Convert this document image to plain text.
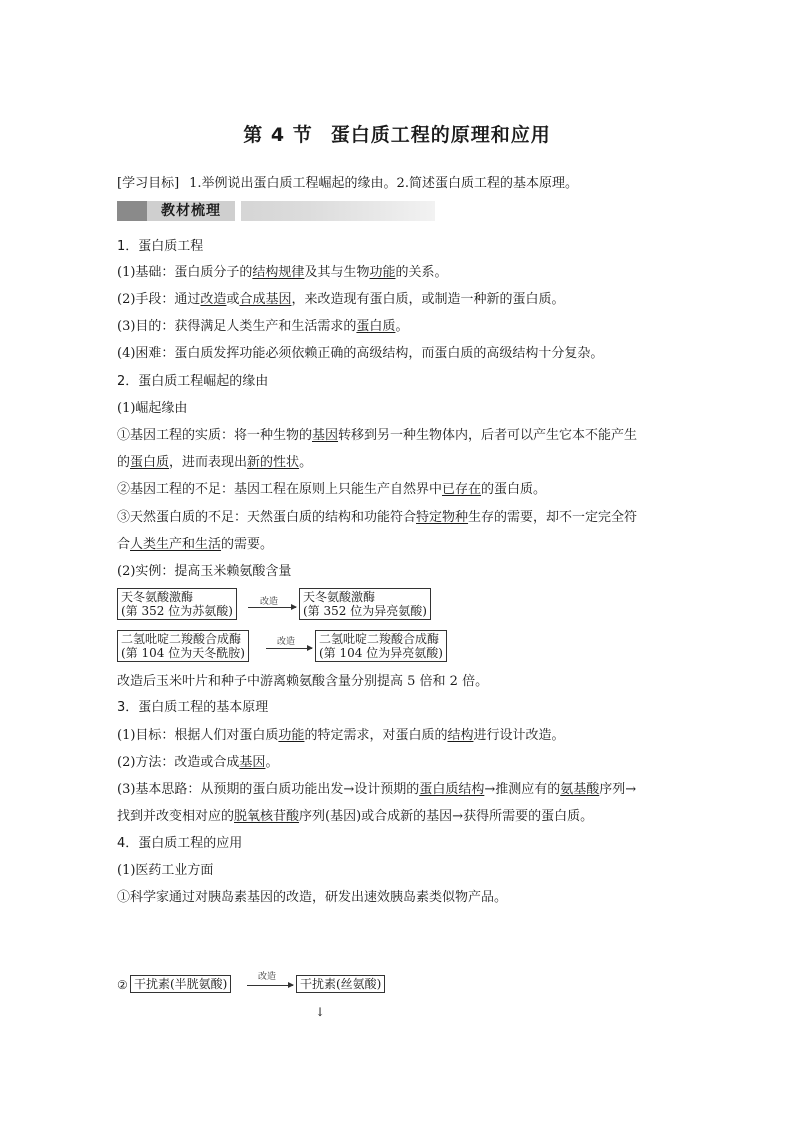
第 4 节 蛋白质工程的原理和应用
[学习目标] 1.举例说出蛋白质工程崛起的缘由。2.简述蛋白质工程的基本原理。
教材梳理
1．蛋白质工程
(1)基础：蛋白质分子的结构规律及其与生物功能的关系。
(2)手段：通过改造或合成基因，来改造现有蛋白质，或制造一种新的蛋白质。
(3)目的：获得满足人类生产和生活需求的蛋白质。
(4)困难：蛋白质发挥功能必须依赖正确的高级结构，而蛋白质的高级结构十分复杂。
2．蛋白质工程崛起的缘由
(1)崛起缘由
①基因工程的实质：将一种生物的基因转移到另一种生物体内，后者可以产生它本不能产生
的蛋白质，进而表现出新的性状。
②基因工程的不足：基因工程在原则上只能生产自然界中已存在的蛋白质。
③天然蛋白质的不足：天然蛋白质的结构和功能符合特定物种生存的需要，却不一定完全符
合人类生产和生活的需要。
(2)实例：提高玉米赖氨酸含量
天冬氨酸激酶
(第 352 位为苏氨酸)
改造 天冬氨酸激酶
(第 352 位为异亮氨酸)
二氢吡啶二羧酸合成酶
(第 104 位为天冬酰胺)
改造 二氢吡啶二羧酸合成酶
(第 104 位为异亮氨酸)
改造后玉米叶片和种子中游离赖氨酸含量分别提高 5 倍和 2 倍。
3．蛋白质工程的基本原理
(1)目标：根据人们对蛋白质功能的特定需求，对蛋白质的结构进行设计改造。
(2)方法：改造或合成基因。
(3)基本思路：从预期的蛋白质功能出发→设计预期的蛋白质结构→推测应有的氨基酸序列→
找到并改变相对应的脱氧核苷酸序列(基因)或合成新的基因→获得所需要的蛋白质。
4．蛋白质工程的应用
(1)医药工业方面
①科学家通过对胰岛素基因的改造，研发出速效胰岛素类似物产品。
② 干扰素(半胱氨酸)	改造	干扰素(丝氨酸)
↓
